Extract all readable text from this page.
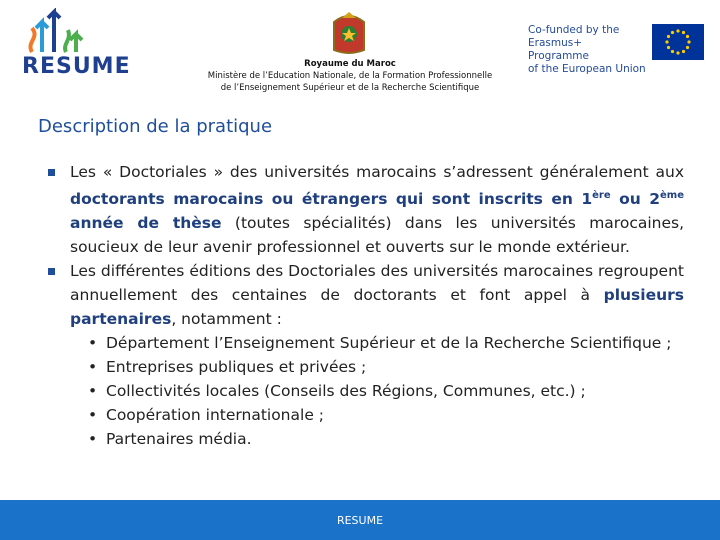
RESUME	Royaume du Maroc
Ministère de l’Education Nationale, de la Formation Professionnelle
de l’Enseignement Supérieur et de la Recherche Scientifique
Co-funded by the
Erasmus+ Programme
of the European Union
Description de la pratique
Les « Doctoriales » des universités marocains s’adressent généralement aux doctorants marocains ou étrangers qui sont inscrits en 1ère ou 2ème année de thèse (toutes spécialités) dans les universités marocaines, soucieux de leur avenir professionnel et ouverts sur le monde extérieur.
Les différentes éditions des Doctoriales des universités marocaines regroupent annuellement des centaines de doctorants et font appel à plusieurs partenaires, notamment :
• Département l’Enseignement Supérieur et de la Recherche Scientifique ;
• Entreprises publiques et privées ;
• Collectivités locales (Conseils des Régions, Communes, etc.) ;
• Coopération internationale ;
• Partenaires média.
RESUME
